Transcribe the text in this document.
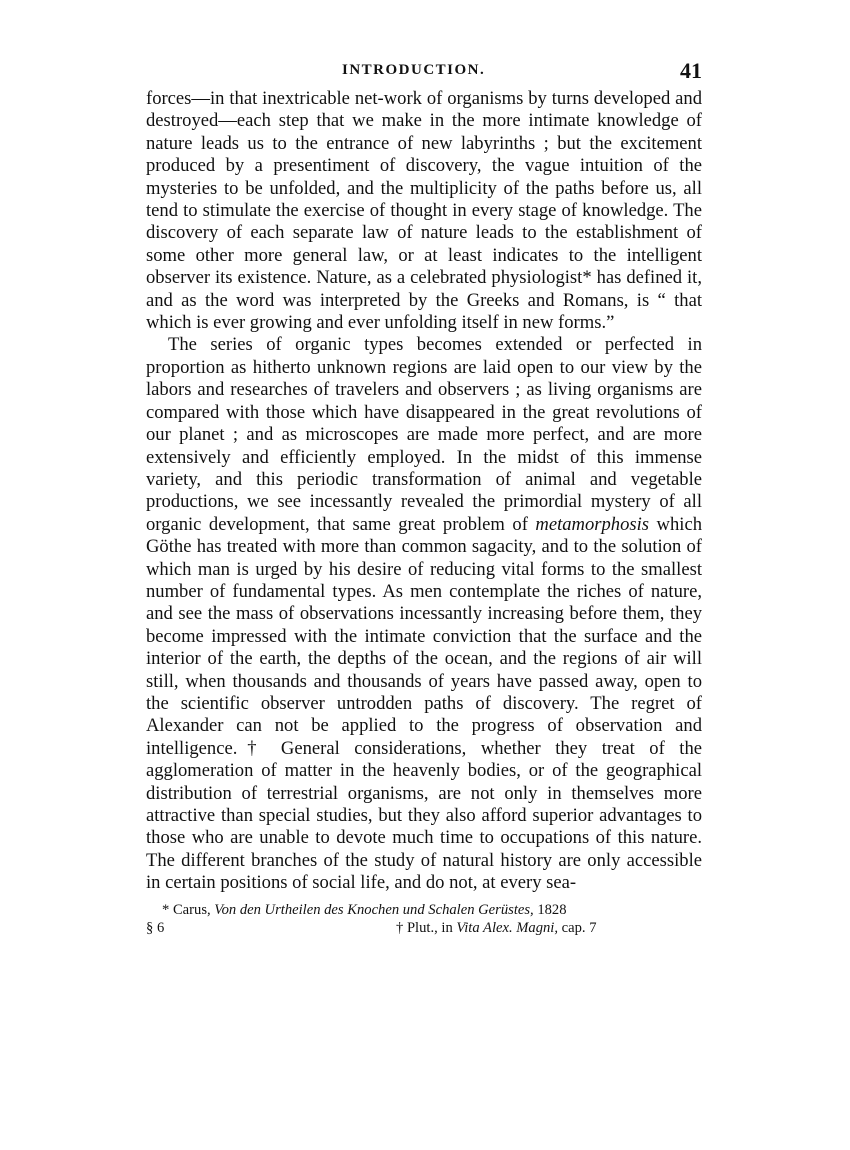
INTRODUCTION.	41

forces—in that inextricable net-work of organisms by turns developed and destroyed—each step that we make in the more intimate knowledge of nature leads us to the entrance of new labyrinths ; but the excitement produced by a presentiment of discovery, the vague intuition of the mysteries to be unfolded, and the multiplicity of the paths before us, all tend to stimulate the exercise of thought in every stage of knowledge. The discovery of each separate law of nature leads to the establishment of some other more general law, or at least indicates to the intelligent observer its existence. Nature, as a celebrated physiologist* has defined it, and as the word was interpreted by the Greeks and Romans, is “ that which is ever growing and ever unfolding itself in new forms.”

The series of organic types becomes extended or perfected in proportion as hitherto unknown regions are laid open to our view by the labors and researches of travelers and observers ; as living organisms are compared with those which have disappeared in the great revolutions of our planet ; and as microscopes are made more perfect, and are more extensively and efficiently employed. In the midst of this immense variety, and this periodic transformation of animal and vegetable productions, we see incessantly revealed the primordial mystery of all organic development, that same great problem of metamorphosis which Göthe has treated with more than common sagacity, and to the solution of which man is urged by his desire of reducing vital forms to the smallest number of fundamental types. As men contemplate the riches of nature, and see the mass of observations incessantly increasing before them, they become impressed with the intimate conviction that the surface and the interior of the earth, the depths of the ocean, and the regions of air will still, when thousands and thousands of years have passed away, open to the scientific observer untrodden paths of discovery. The regret of Alexander can not be applied to the progress of observation and intelligence.† General considerations, whether they treat of the agglomeration of matter in the heavenly bodies, or of the geographical distribution of terrestrial organisms, are not only in themselves more attractive than special studies, but they also afford superior advantages to those who are unable to devote much time to occupations of this nature. The different branches of the study of natural history are only accessible in certain positions of social life, and do not, at every sea-

* Carus, Von den Urtheilen des Knochen und Schalen Gerüstes, 1828

§ 6	† Plut., in Vita Alex. Magni, cap. 7
